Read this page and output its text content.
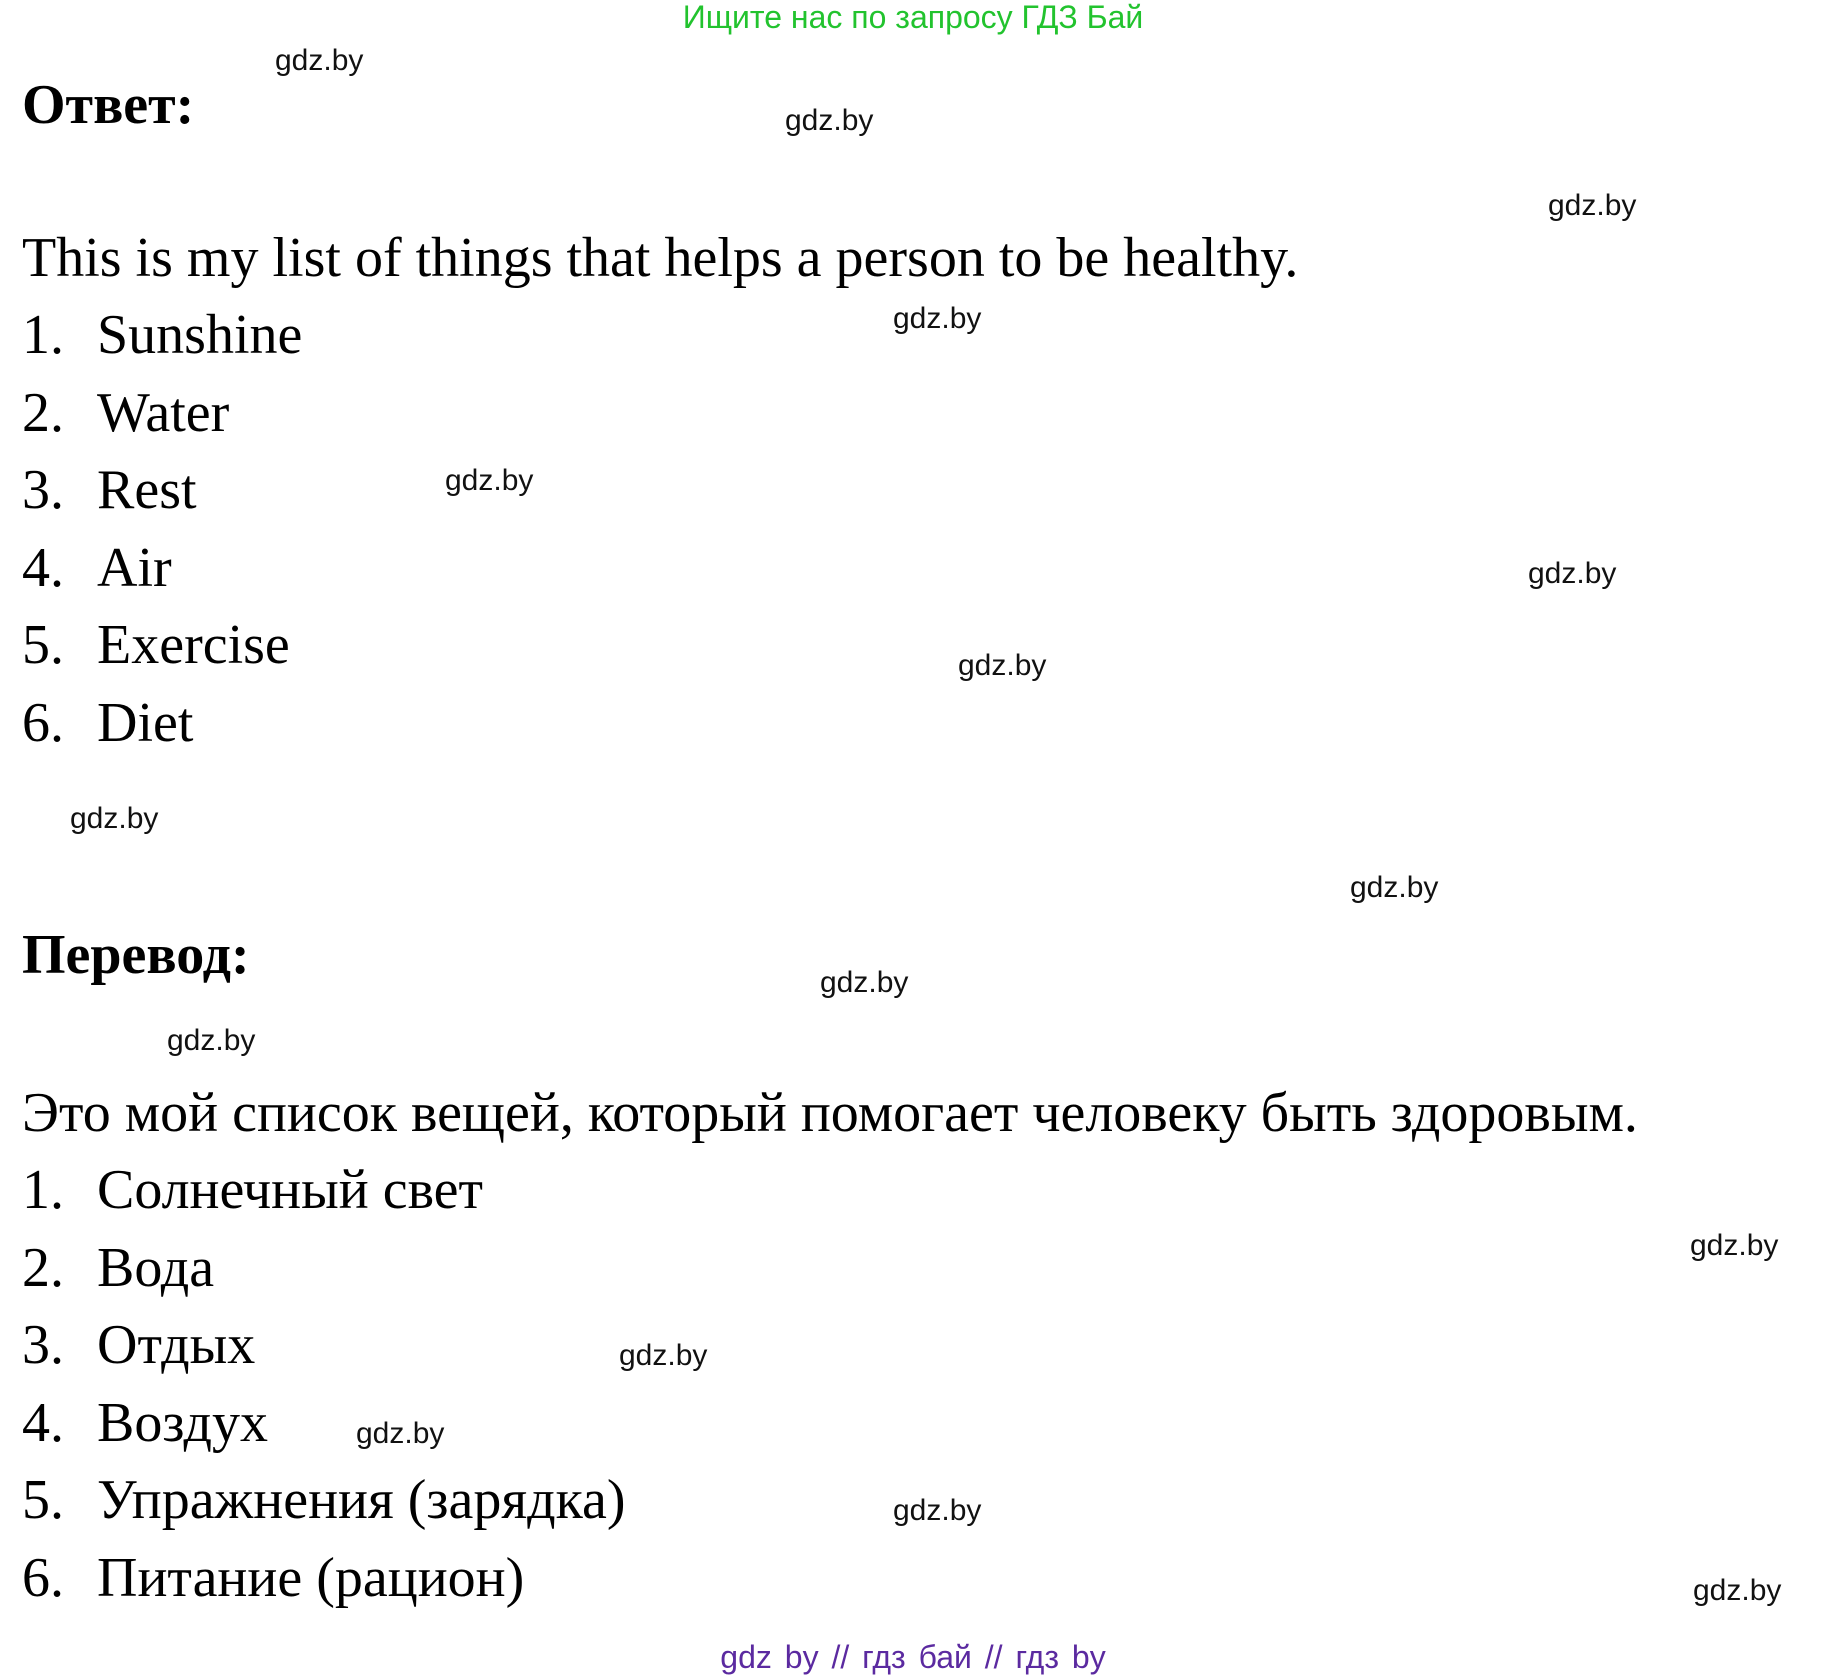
Ищите нас по запросу ГДЗ Бай
Ответ:
This is my list of things that helps a person to be healthy.
1. Sunshine
2. Water
3. Rest
4. Air
5. Exercise
6. Diet
Перевод:
Это мой список вещей, который помогает человеку быть здоровым.
1. Солнечный свет
2. Вода
3. Отдых
4. Воздух
5. Упражнения (зарядка)
6. Питание (рацион)
gdz.by
gdz.by
gdz.by
gdz.by
gdz.by
gdz.by
gdz.by
gdz.by
gdz.by
gdz.by
gdz.by
gdz.by
gdz.by
gdz.by
gdz.by
gdz.by
gdz by // гдз бай // гдз by
